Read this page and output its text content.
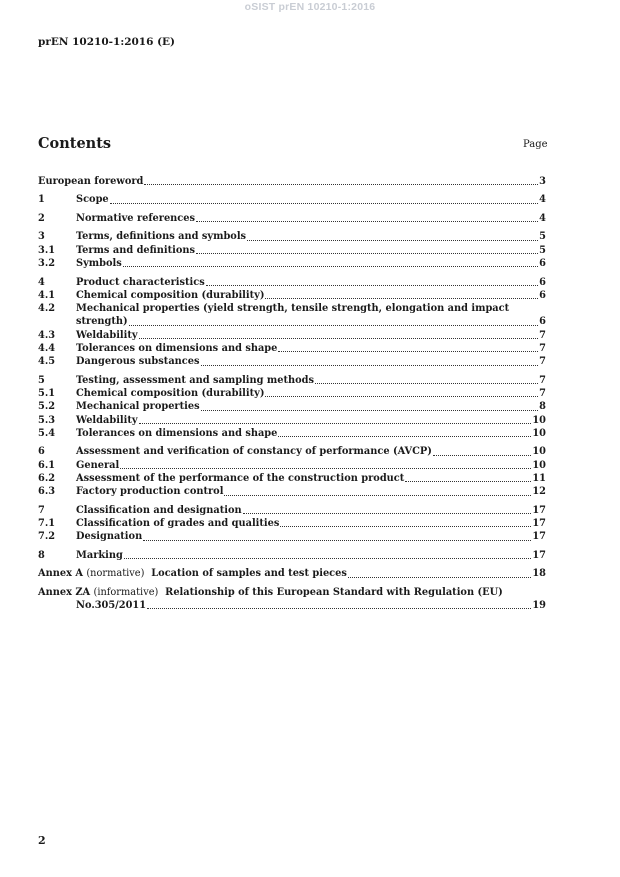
oSIST prEN 10210-1:2016
prEN 10210-1:2016 (E)
Contents	Page
European foreword	3
1	Scope	4
2	Normative references	4
3	Terms, definitions and symbols	5
3.1	Terms and definitions	5
3.2	Symbols	6
4	Product characteristics	6
4.1	Chemical composition (durability)	6
4.2	Mechanical properties (yield strength, tensile strength, elongation and impact
strength)	6
4.3	Weldability	7
4.4	Tolerances on dimensions and shape	7
4.5	Dangerous substances	7
5	Testing, assessment and sampling methods	7
5.1	Chemical composition (durability)	7
5.2	Mechanical properties	8
5.3	Weldability	10
5.4	Tolerances on dimensions and shape	10
6	Assessment and verification of constancy of performance (AVCP)	10
6.1	General	10
6.2	Assessment of the performance of the construction product	11
6.3	Factory production control	12
7	Classification and designation	17
7.1	Classification of grades and qualities	17
7.2	Designation	17
8	Marking	17
Annex A (normative) Location of samples and test pieces	18
Annex ZA (informative) Relationship of this European Standard with Regulation (EU)
No.305/2011	19
2
